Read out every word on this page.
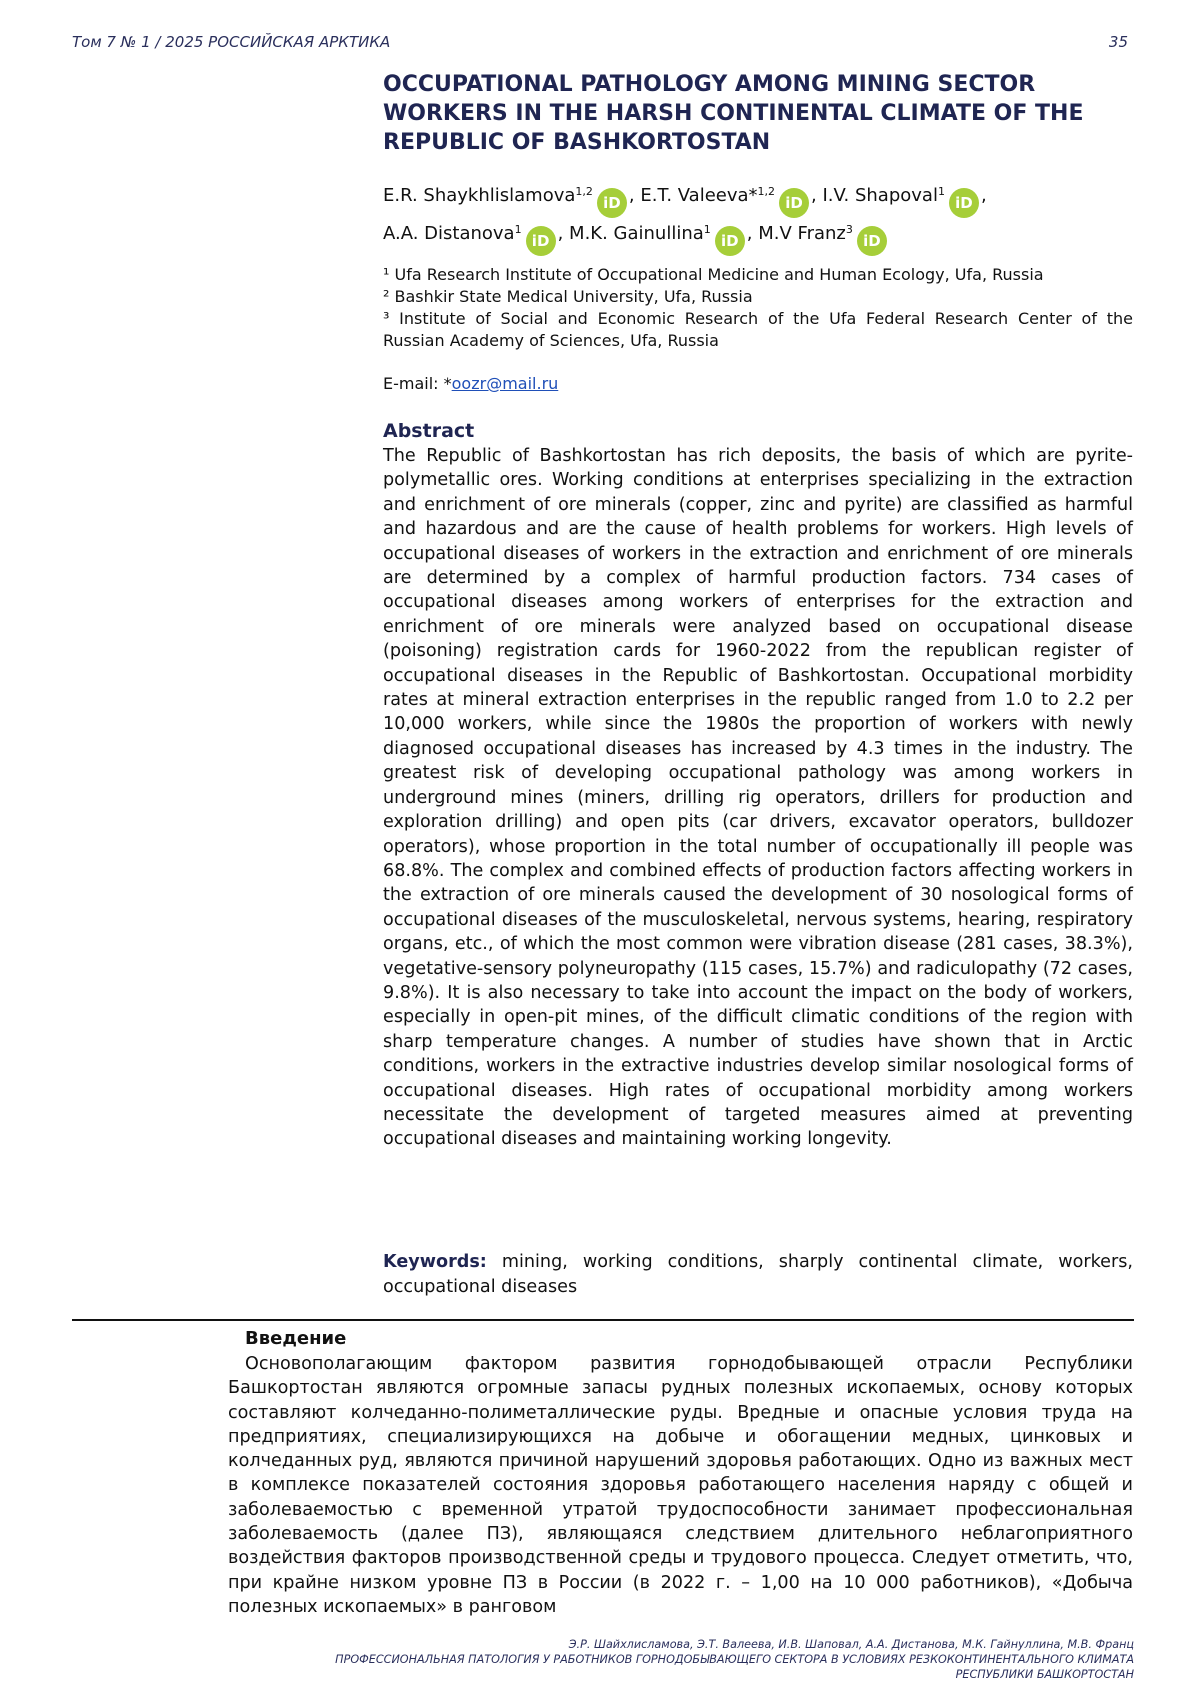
Том 7 № 1 / 2025 РОССИЙСКАЯ АРКТИКА	35
OCCUPATIONAL PATHOLOGY AMONG MINING SECTOR WORKERS IN THE HARSH CONTINENTAL CLIMATE OF THE REPUBLIC OF BASHKORTOSTAN
E.R. Shaykhlislamova$^{1,2}$iD , E.T. Valeeva*$^{1,2}$iD , I.V. Shapoval$^1$iD ,
A.A. Distanova$^1$iD , M.K. Gainullina$^1$iD , M.V Franz$^3$iD
¹ Ufa Research Institute of Occupational Medicine and Human Ecology, Ufa, Russia
² Bashkir State Medical University, Ufa, Russia
³ Institute of Social and Economic Research of the Ufa Federal Research Center of the Russian Academy of Sciences, Ufa, Russia
E-mail: *oozr@mail.ru
Abstract

The Republic of Bashkortostan has rich deposits, the basis of which are pyrite-polymetallic ores. Working conditions at enterprises specializing in the extraction and enrichment of ore minerals (copper, zinc and pyrite) are classified as harmful and hazardous and are the cause of health problems for workers. High levels of occupational diseases of workers in the extraction and enrichment of ore minerals are determined by a complex of harmful production factors. 734 cases of occupational diseases among workers of enterprises for the extraction and enrichment of ore minerals were analyzed based on occupational disease (poisoning) registration cards for 1960-2022 from the republican register of occupational diseases in the Republic of Bashkortostan. Occupational morbidity rates at mineral extraction enterprises in the republic ranged from 1.0 to 2.2 per 10,000 workers, while since the 1980s the proportion of workers with newly diagnosed occupational diseases has increased by 4.3 times in the industry. The greatest risk of developing occupational pathology was among workers in underground mines (miners, drilling rig operators, drillers for production and exploration drilling) and open pits (car drivers, excavator operators, bulldozer operators), whose proportion in the total number of occupationally ill people was 68.8%. The complex and combined effects of production factors affecting workers in the extraction of ore minerals caused the development of 30 nosological forms of occupational diseases of the musculoskeletal, nervous systems, hearing, respiratory organs, etc., of which the most common were vibration disease (281 cases, 38.3%), vegetative-sensory polyneuropathy (115 cases, 15.7%) and radiculopathy (72 cases, 9.8%). It is also necessary to take into account the impact on the body of workers, especially in open-pit mines, of the difficult climatic conditions of the region with sharp temperature changes. A number of studies have shown that in Arctic conditions, workers in the extractive industries develop similar nosological forms of occupational diseases. High rates of occupational morbidity among workers necessitate the development of targeted measures aimed at preventing occupational diseases and maintaining working longevity.

Keywords: mining, working conditions, sharply continental climate, workers, occupational diseases
Введение

Основополагающим фактором развития горнодобывающей отрасли Республики Башкортостан являются огромные запасы рудных полезных ископаемых, основу которых составляют колчеданно-полиметаллические руды. Вредные и опасные условия труда на предприятиях, специализирующихся на добыче и обогащении медных, цинковых и колчеданных руд, являются причиной нарушений здоровья работающих. Одно из важных мест в комплексе показателей состояния здоровья работающего населения наряду с общей и заболеваемостью с временной утратой трудоспособности занимает профессиональная заболеваемость (далее ПЗ), являющаяся следствием длительного неблагоприятного воздействия факторов производственной среды и трудового процесса. Следует отметить, что, при крайне низком уровне ПЗ в России (в 2022 г. – 1,00 на 10 000 работников), «Добыча полезных ископаемых» в ранговом

Э.Р. Шайхлисламова, Э.Т. Валеева, И.В. Шаповал, А.А. Дистанова, М.К. Гайнуллина, М.В. Франц
ПРОФЕССИОНАЛЬНАЯ ПАТОЛОГИЯ У РАБОТНИКОВ ГОРНОДОБЫВАЮЩЕГО СЕКТОРА В УСЛОВИЯХ РЕЗКОКОНТИНЕНТАЛЬНОГО КЛИМАТА
РЕСПУБЛИКИ БАШКОРТОСТАН
